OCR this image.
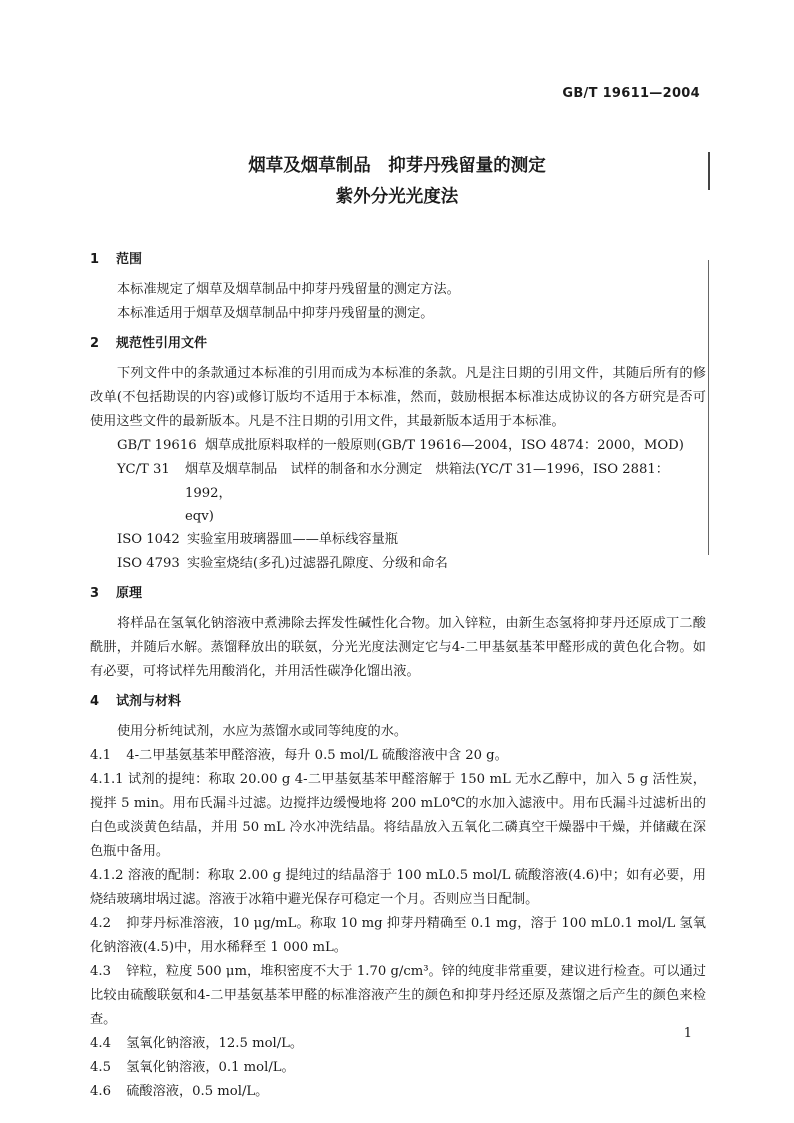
GB/T 19611—2004
烟草及烟草制品　抑芽丹残留量的测定
紫外分光光度法

1 范围

本标准规定了烟草及烟草制品中抑芽丹残留量的测定方法。

本标准适用于烟草及烟草制品中抑芽丹残留量的测定。

2 规范性引用文件

下列文件中的条款通过本标准的引用而成为本标准的条款。凡是注日期的引用文件，其随后所有的修改单(不包括勘误的内容)或修订版均不适用于本标准，然而，鼓励根据本标准达成协议的各方研究是否可使用这些文件的最新版本。凡是不注日期的引用文件，其最新版本适用于本标准。

GB/T 19616 烟草成批原料取样的一般原则(GB/T 19616—2004，ISO 4874：2000，MOD)
YC/T 31	烟草及烟草制品　试样的制备和水分测定　烘箱法(YC/T 31—1996，ISO 2881：1992，
eqv)
ISO 1042 实验室用玻璃器皿——单标线容量瓶
ISO 4793 实验室烧结(多孔)过滤器孔隙度、分级和命名

3 原理

将样品在氢氧化钠溶液中煮沸除去挥发性碱性化合物。加入锌粒，由新生态氢将抑芽丹还原成丁二酸酰肼，并随后水解。蒸馏释放出的联氨，分光光度法测定它与4-二甲基氨基苯甲醛形成的黄色化合物。如有必要，可将试样先用酸消化，并用活性碳净化馏出液。

4 试剂与材料

使用分析纯试剂，水应为蒸馏水或同等纯度的水。

4.1 4-二甲基氨基苯甲醛溶液，每升 0.5 mol/L 硫酸溶液中含 20 g。

4.1.1 试剂的提纯：称取 20.00 g 4-二甲基氨基苯甲醛溶解于 150 mL 无水乙醇中，加入 5 g 活性炭，搅拌 5 min。用布氏漏斗过滤。边搅拌边缓慢地将 200 mL0℃的水加入滤液中。用布氏漏斗过滤析出的白色或淡黄色结晶，并用 50 mL 冷水冲洗结晶。将结晶放入五氧化二磷真空干燥器中干燥，并储藏在深色瓶中备用。

4.1.2 溶液的配制：称取 2.00 g 提纯过的结晶溶于 100 mL0.5 mol/L 硫酸溶液(4.6)中；如有必要，用烧结玻璃坩埚过滤。溶液于冰箱中避光保存可稳定一个月。否则应当日配制。

4.2 抑芽丹标准溶液，10 μg/mL。称取 10 mg 抑芽丹精确至 0.1 mg，溶于 100 mL0.1 mol/L 氢氧化钠溶液(4.5)中，用水稀释至 1 000 mL。

4.3 锌粒，粒度 500 μm，堆积密度不大于 1.70 g/cm³。锌的纯度非常重要，建议进行检查。可以通过比较由硫酸联氨和4-二甲基氨基苯甲醛的标准溶液产生的颜色和抑芽丹经还原及蒸馏之后产生的颜色来检查。

4.4 氢氧化钠溶液，12.5 mol/L。

4.5 氢氧化钠溶液，0.1 mol/L。

4.6 硫酸溶液，0.5 mol/L。

1
